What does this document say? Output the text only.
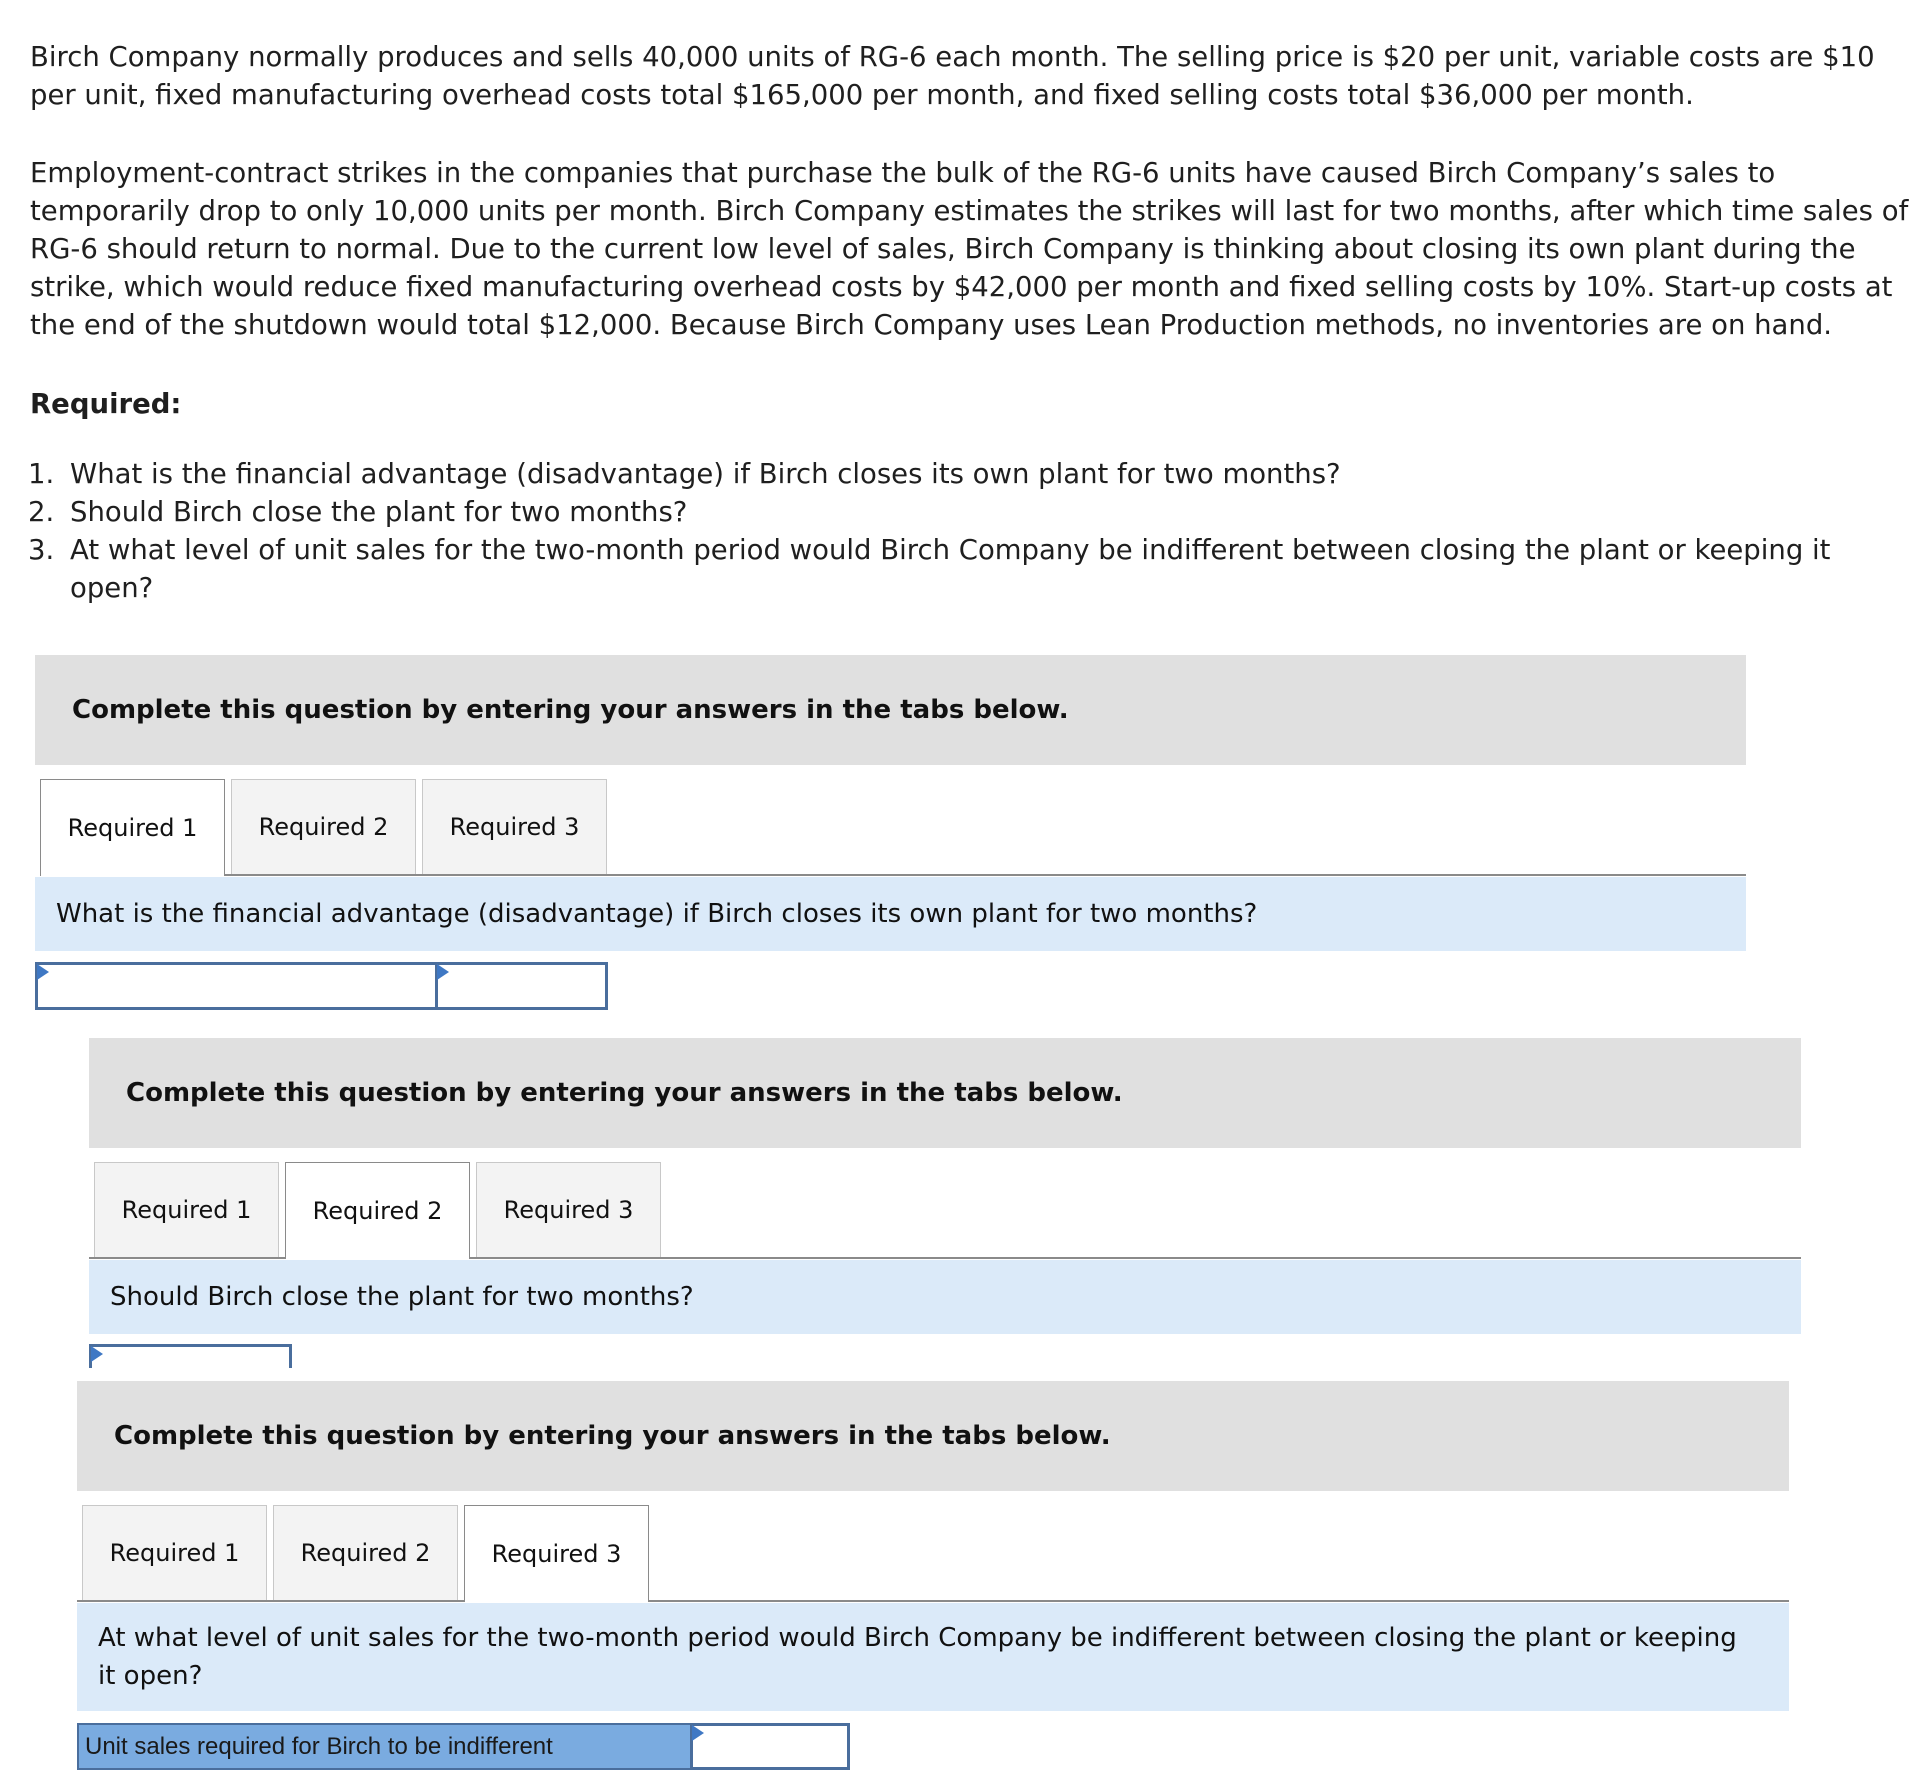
Birch Company normally produces and sells 40,000 units of RG-6 each month. The selling price is $20 per unit, variable costs are $10 per unit, fixed manufacturing overhead costs total $165,000 per month, and fixed selling costs total $36,000 per month.

Employment-contract strikes in the companies that purchase the bulk of the RG-6 units have caused Birch Company’s sales to temporarily drop to only 10,000 units per month. Birch Company estimates the strikes will last for two months, after which time sales of RG-6 should return to normal. Due to the current low level of sales, Birch Company is thinking about closing its own plant during the strike, which would reduce fixed manufacturing overhead costs by $42,000 per month and fixed selling costs by 10%. Start-up costs at the end of the shutdown would total $12,000. Because Birch Company uses Lean Production methods, no inventories are on hand.

Required:

1. What is the financial advantage (disadvantage) if Birch closes its own plant for two months?
2. Should Birch close the plant for two months?
3. At what level of unit sales for the two-month period would Birch Company be indifferent between closing the plant or keeping it open?
Complete this question by entering your answers in the tabs below.
Required 1	Required 2	Required 3
What is the financial advantage (disadvantage) if Birch closes its own plant for two months?
Complete this question by entering your answers in the tabs below.
Required 1	Required 2	Required 3
Should Birch close the plant for two months?
Complete this question by entering your answers in the tabs below.
Required 1	Required 2	Required 3
At what level of unit sales for the two-month period would Birch Company be indifferent between closing the plant or keeping it open?
Unit sales required for Birch to be indifferent
